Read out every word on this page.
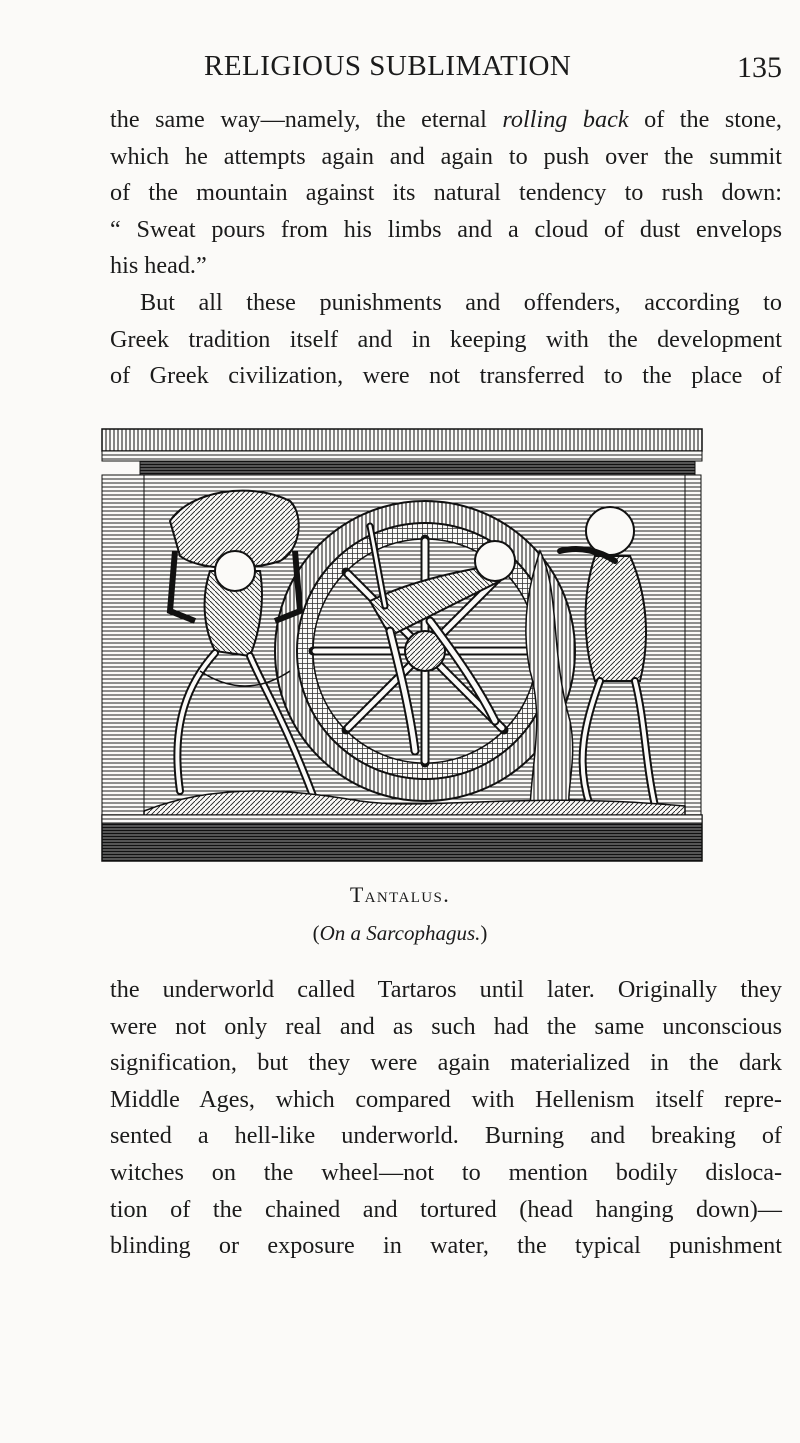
RELIGIOUS SUBLIMATION	135
the same way—namely, the eternal rolling back of the stone,
which he attempts again and again to push over the summit
of the mountain against its natural tendency to rush down:
“ Sweat pours from his limbs and a cloud of dust envelops
his head.”
But all these punishments and offenders, according to
Greek tradition itself and in keeping with the development
of Greek civilization, were not transferred to the place of
Tantalus.
(On a Sarcophagus.)
the underworld called Tartaros until later. Originally they
were not only real and as such had the same unconscious
signification, but they were again materialized in the dark
Middle Ages, which compared with Hellenism itself repre-
sented a hell-like underworld. Burning and breaking of
witches on the wheel—not to mention bodily disloca-
tion of the chained and tortured (head hanging down)—
blinding or exposure in water, the typical punishment
